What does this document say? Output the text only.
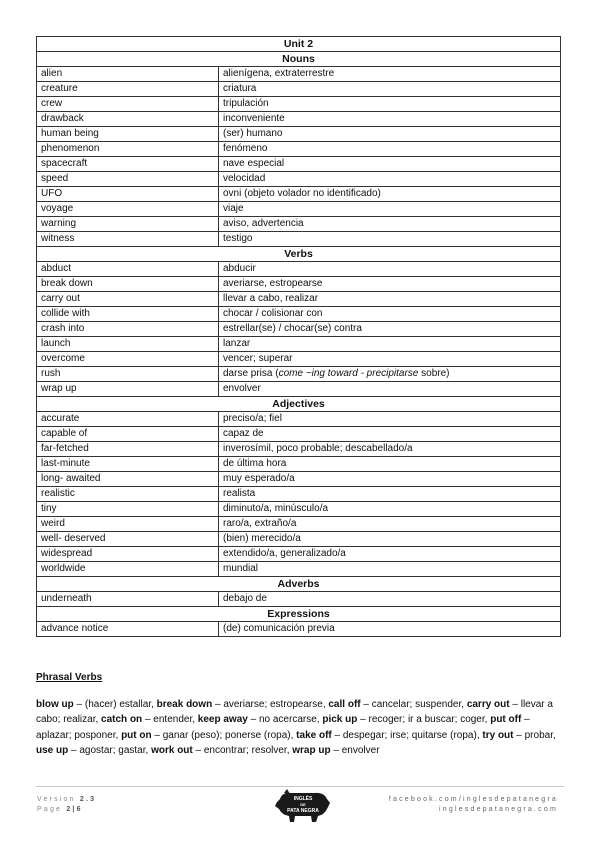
Unit 2	
Nouns	
alien	alienígena, extraterrestre
creature	criatura
crew	tripulación
drawback	inconveniente
human being	(ser) humano
phenomenon	fenómeno
spacecraft	nave especial
speed	velocidad
UFO	ovni (objeto volador no identificado)
voyage	viaje
warning	aviso, advertencia
witness	testigo
Verbs	
abduct	abducir
break down	averiarse, estropearse
carry out	llevar a cabo, realizar
collide with	chocar / colisionar con
crash into	estrellar(se) / chocar(se) contra
launch	lanzar
overcome	vencer; superar
rush	darse prisa (come ~ing toward - precipitarse sobre)
wrap up	envolver
Adjectives	
accurate	preciso/a; fiel
capable of	capaz de
far-fetched	inverosímil, poco probable; descabellado/a
last-minute	de última hora
long- awaited	muy esperado/a
realistic	realista
tiny	diminuto/a, minúsculo/a
weird	raro/a, extraño/a
well- deserved	(bien) merecido/a
widespread	extendido/a, generalizado/a
worldwide	mundial
Adverbs	
underneath	debajo de
Expressions	
advance notice	(de) comunicación previa

Phrasal Verbs

blow up – (hacer) estallar, break down – averiarse; estropearse, call off – cancelar; suspender, carry out – llevar a cabo; realizar, catch on – entender, keep away – no acercarse, pick up – recoger; ir a buscar; coger, put off – aplazar; posponer, put on – ganar (peso); ponerse (ropa), take off – despegar; irse; quitarse (ropa), try out – probar, use up – agostar; gastar, work out – encontrar; resolver, wrap up – envolver

Version 2.3
Page 2|6
INGLÉS
DE
PATA NEGRA
facebook.com/inglesdepatanegra
inglesdepatanegra.com
